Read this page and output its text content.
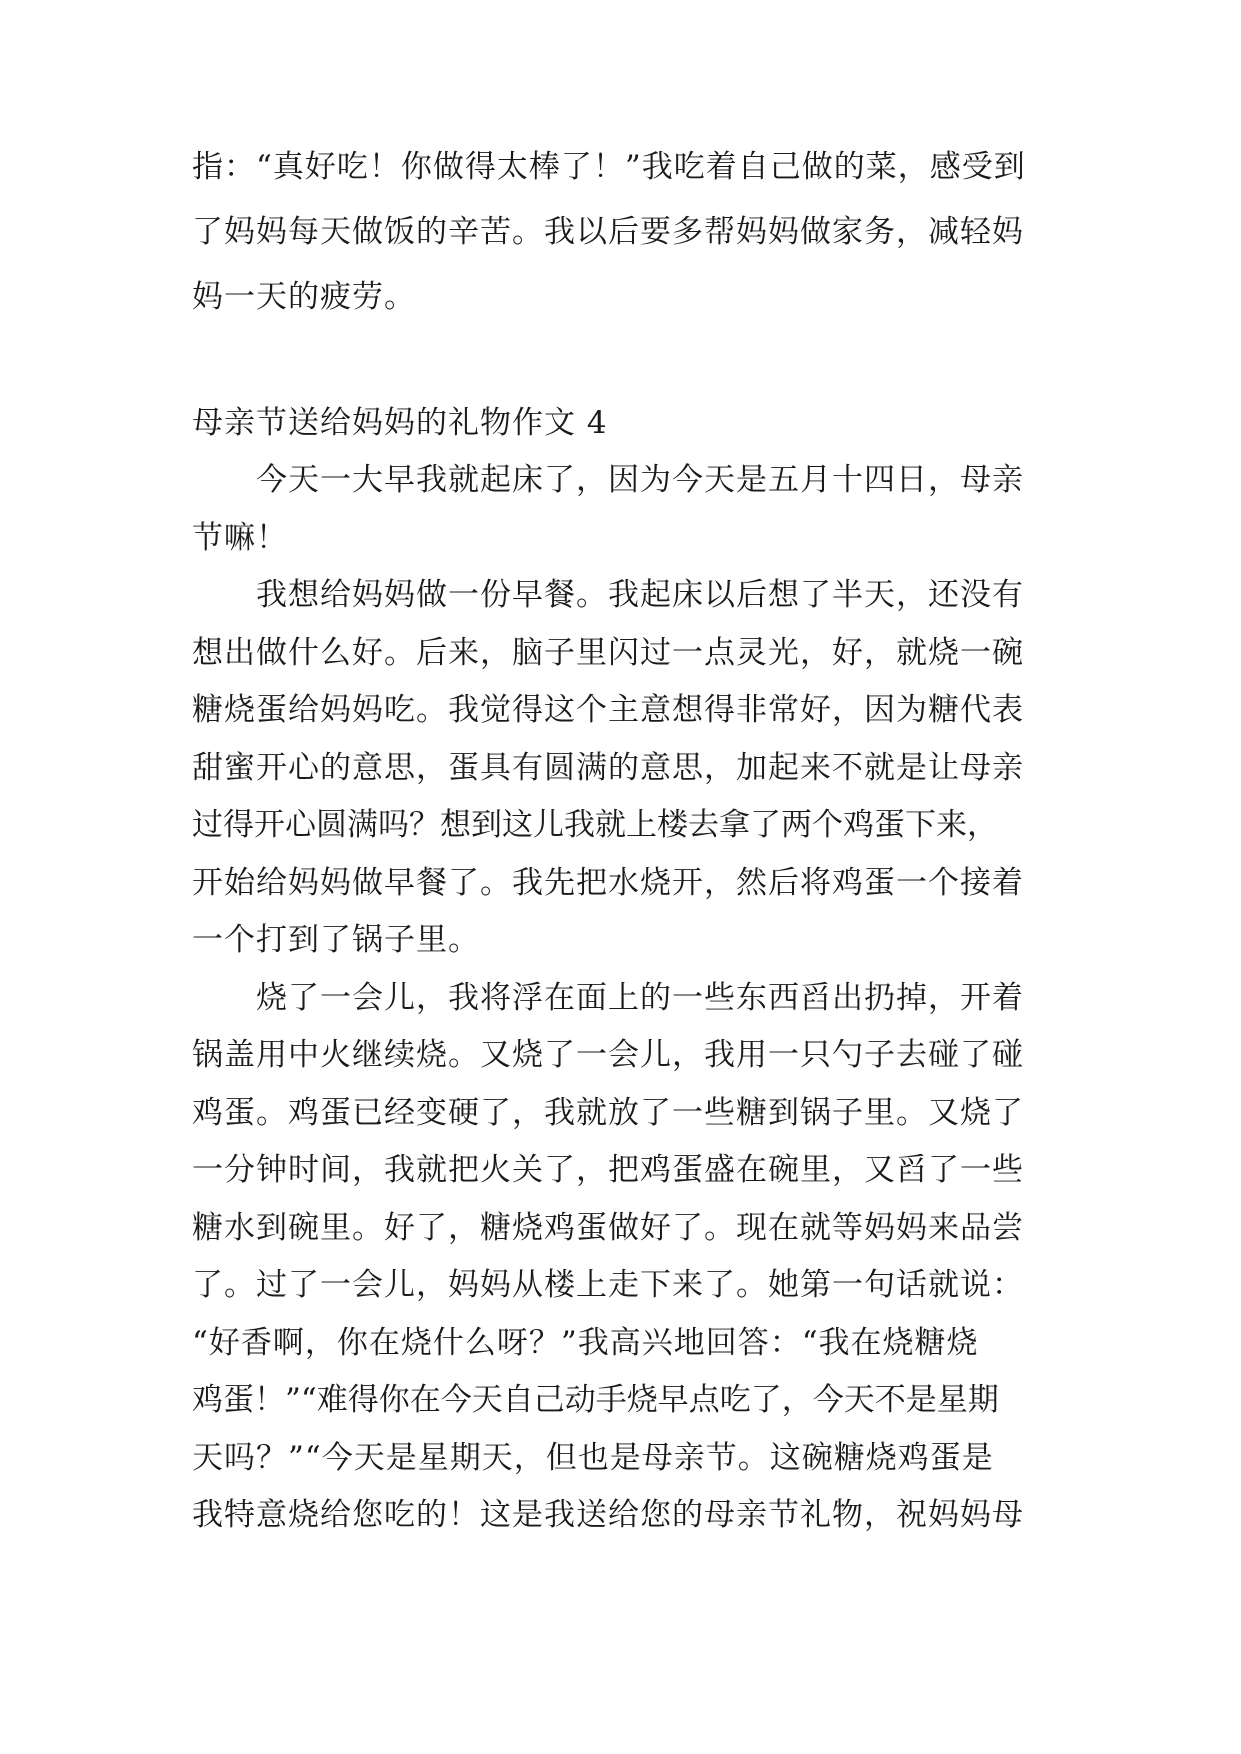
指：“真好吃！你做得太棒了！”我吃着自己做的菜，感受到
了妈妈每天做饭的辛苦。我以后要多帮妈妈做家务，减轻妈
妈一天的疲劳。
母亲节送给妈妈的礼物作文 4
　　今天一大早我就起床了，因为今天是五月十四日，母亲
节嘛！
　　我想给妈妈做一份早餐。我起床以后想了半天，还没有
想出做什么好。后来，脑子里闪过一点灵光，好，就烧一碗
糖烧蛋给妈妈吃。我觉得这个主意想得非常好，因为糖代表
甜蜜开心的意思，蛋具有圆满的意思，加起来不就是让母亲
过得开心圆满吗？想到这儿我就上楼去拿了两个鸡蛋下来，
开始给妈妈做早餐了。我先把水烧开，然后将鸡蛋一个接着
一个打到了锅子里。
　　烧了一会儿，我将浮在面上的一些东西舀出扔掉，开着
锅盖用中火继续烧。又烧了一会儿，我用一只勺子去碰了碰
鸡蛋。鸡蛋已经变硬了，我就放了一些糖到锅子里。又烧了
一分钟时间，我就把火关了，把鸡蛋盛在碗里，又舀了一些
糖水到碗里。好了，糖烧鸡蛋做好了。现在就等妈妈来品尝
了。过了一会儿，妈妈从楼上走下来了。她第一句话就说：
“好香啊，你在烧什么呀？”我高兴地回答：“我在烧糖烧
鸡蛋！”“难得你在今天自己动手烧早点吃了，今天不是星期
天吗？”“今天是星期天，但也是母亲节。这碗糖烧鸡蛋是
我特意烧给您吃的！这是我送给您的母亲节礼物，祝妈妈母
